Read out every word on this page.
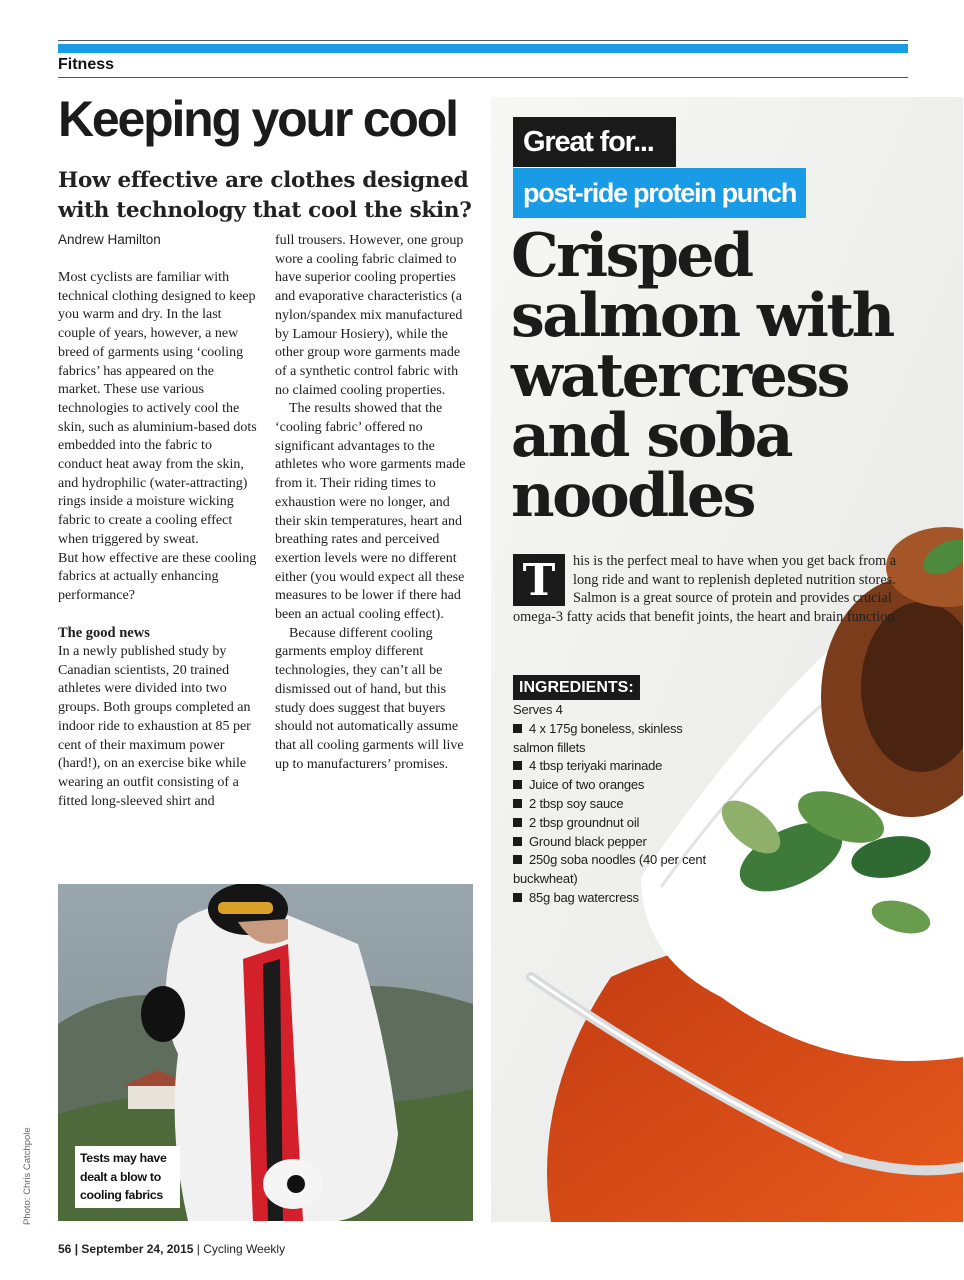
Fitness
Keeping your cool
How effective are clothes designed with technology that cool the skin?
Andrew Hamilton

Most cyclists are familiar with technical clothing designed to keep you warm and dry. In the last couple of years, however, a new breed of garments using ‘cooling fabrics’ has appeared on the market. These use various technologies to actively cool the skin, such as aluminium-based dots embedded into the fabric to conduct heat away from the skin, and hydrophilic (water-attracting) rings inside a moisture wicking fabric to create a cooling effect when triggered by sweat.

But how effective are these cooling fabrics at actually enhancing performance?

The good news

In a newly published study by Canadian scientists, 20 trained athletes were divided into two groups. Both groups completed an indoor ride to exhaustion at 85 per cent of their maximum power (hard!), on an exercise bike while wearing an outfit consisting of a fitted long-sleeved shirt and

full trousers. However, one group wore a cooling fabric claimed to have superior cooling properties and evaporative characteristics (a nylon/spandex mix manufactured by Lamour Hosiery), while the other group wore garments made of a synthetic control fabric with no claimed cooling properties.

The results showed that the ‘cooling fabric’ offered no significant advantages to the athletes who wore garments made from it. Their riding times to exhaustion were no longer, and their skin temperatures, heart and breathing rates and perceived exertion levels were no different either (you would expect all these measures to be lower if there had been an actual cooling effect).

Because different cooling garments employ different technologies, they can’t all be dismissed out of hand, but this study does suggest that buyers should not automatically assume that all cooling garments will live up to manufacturers’ promises.

Tests may have dealt a blow to cooling fabrics
Photo: Chris Catchpole
Great for...
post-ride protein punch
Crisped salmon with watercress and soba noodles
T	his is the perfect meal to have when you get back from a long ride and want to replenish depleted nutrition stores. Salmon is a great source of protein and provides crucial omega-3 fatty acids that benefit joints, the heart and brain function.
INGREDIENTS:
Serves 4
4 x 175g boneless, skinless salmon fillets
4 tbsp teriyaki marinade
Juice of two oranges
2 tbsp soy sauce
2 tbsp groundnut oil
Ground black pepper
250g soba noodles (40 per cent buckwheat)
85g bag watercress
56 | September 24, 2015 | Cycling Weekly
